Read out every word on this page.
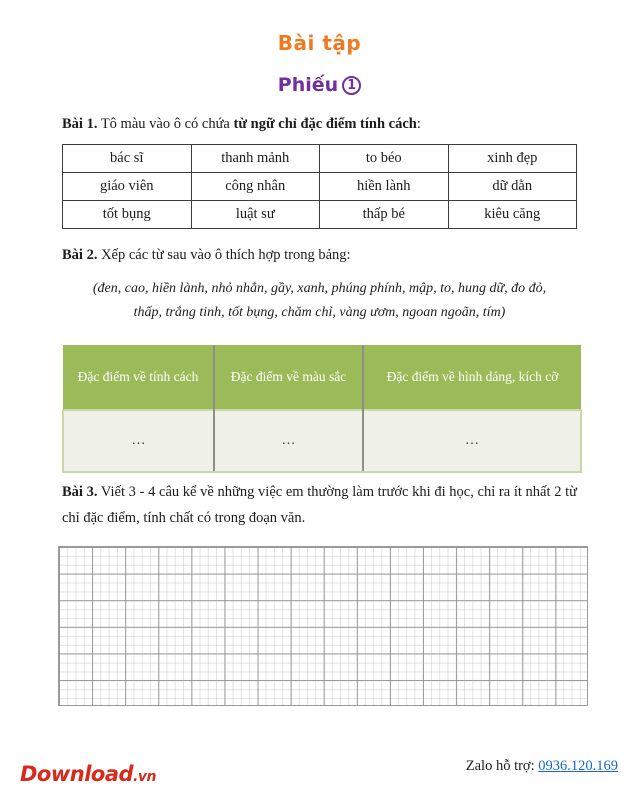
Bài tập
Phiếu 1

Bài 1. Tô màu vào ô có chứa từ ngữ chỉ đặc điểm tính cách:

bác sĩ	thanh mảnh	to béo	xinh đẹp
giáo viên	công nhân	hiền lành	dữ dằn
tốt bụng	luật sư	thấp bé	kiêu căng

Bài 2. Xếp các từ sau vào ô thích hợp trong bảng:

(đen, cao, hiền lành, nhỏ nhắn, gầy, xanh, phúng phính, mập, to, hung dữ, đo đỏ,
thấp, trắng tinh, tốt bụng, chăm chỉ, vàng ươm, ngoan ngoãn, tím)
Đặc điểm về tính cách	Đặc điểm về màu sắc	Đặc điểm về hình dáng, kích cỡ
…	…	…

Bài 3. Viết 3 - 4 câu kể về những việc em thường làm trước khi đi học, chỉ ra ít nhất 2 từ chỉ đặc điểm, tính chất có trong đoạn văn.

Download.vn
Zalo hỗ trợ: 0936.120.169
